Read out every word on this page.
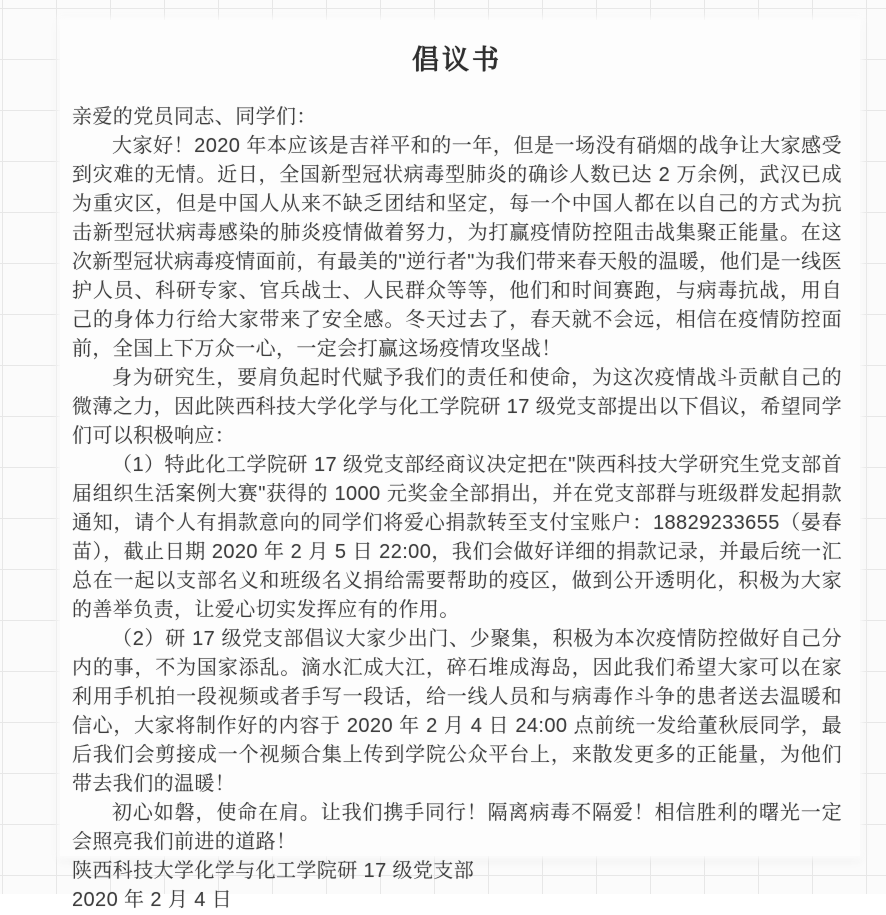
倡议书

亲爱的党员同志、同学们：

大家好！2020 年本应该是吉祥平和的一年，但是一场没有硝烟的战争让大家感受到灾难的无情。近日，全国新型冠状病毒型肺炎的确诊人数已达 2 万余例，武汉已成为重灾区，但是中国人从来不缺乏团结和坚定，每一个中国人都在以自己的方式为抗击新型冠状病毒感染的肺炎疫情做着努力，为打赢疫情防控阻击战集聚正能量。在这次新型冠状病毒疫情面前，有最美的"逆行者"为我们带来春天般的温暖，他们是一线医护人员、科研专家、官兵战士、人民群众等等，他们和时间赛跑，与病毒抗战，用自己的身体力行给大家带来了安全感。冬天过去了，春天就不会远，相信在疫情防控面前，全国上下万众一心，一定会打赢这场疫情攻坚战！

身为研究生，要肩负起时代赋予我们的责任和使命，为这次疫情战斗贡献自己的微薄之力，因此陕西科技大学化学与化工学院研 17 级党支部提出以下倡议，希望同学们可以积极响应：

（1）特此化工学院研 17 级党支部经商议决定把在"陕西科技大学研究生党支部首届组织生活案例大赛"获得的 1000 元奖金全部捐出，并在党支部群与班级群发起捐款通知，请个人有捐款意向的同学们将爱心捐款转至支付宝账户：18829233655（晏春苗），截止日期 2020 年 2 月 5 日 22:00，我们会做好详细的捐款记录，并最后统一汇总在一起以支部名义和班级名义捐给需要帮助的疫区，做到公开透明化，积极为大家的善举负责，让爱心切实发挥应有的作用。

（2）研 17 级党支部倡议大家少出门、少聚集，积极为本次疫情防控做好自己分内的事，不为国家添乱。滴水汇成大江，碎石堆成海岛，因此我们希望大家可以在家利用手机拍一段视频或者手写一段话，给一线人员和与病毒作斗争的患者送去温暖和信心，大家将制作好的内容于 2020 年 2 月 4 日 24:00 点前统一发给董秋辰同学，最后我们会剪接成一个视频合集上传到学院公众平台上，来散发更多的正能量，为他们带去我们的温暖！

初心如磐，使命在肩。让我们携手同行！隔离病毒不隔爱！相信胜利的曙光一定会照亮我们前进的道路！

陕西科技大学化学与化工学院研 17 级党支部

2020 年 2 月 4 日
